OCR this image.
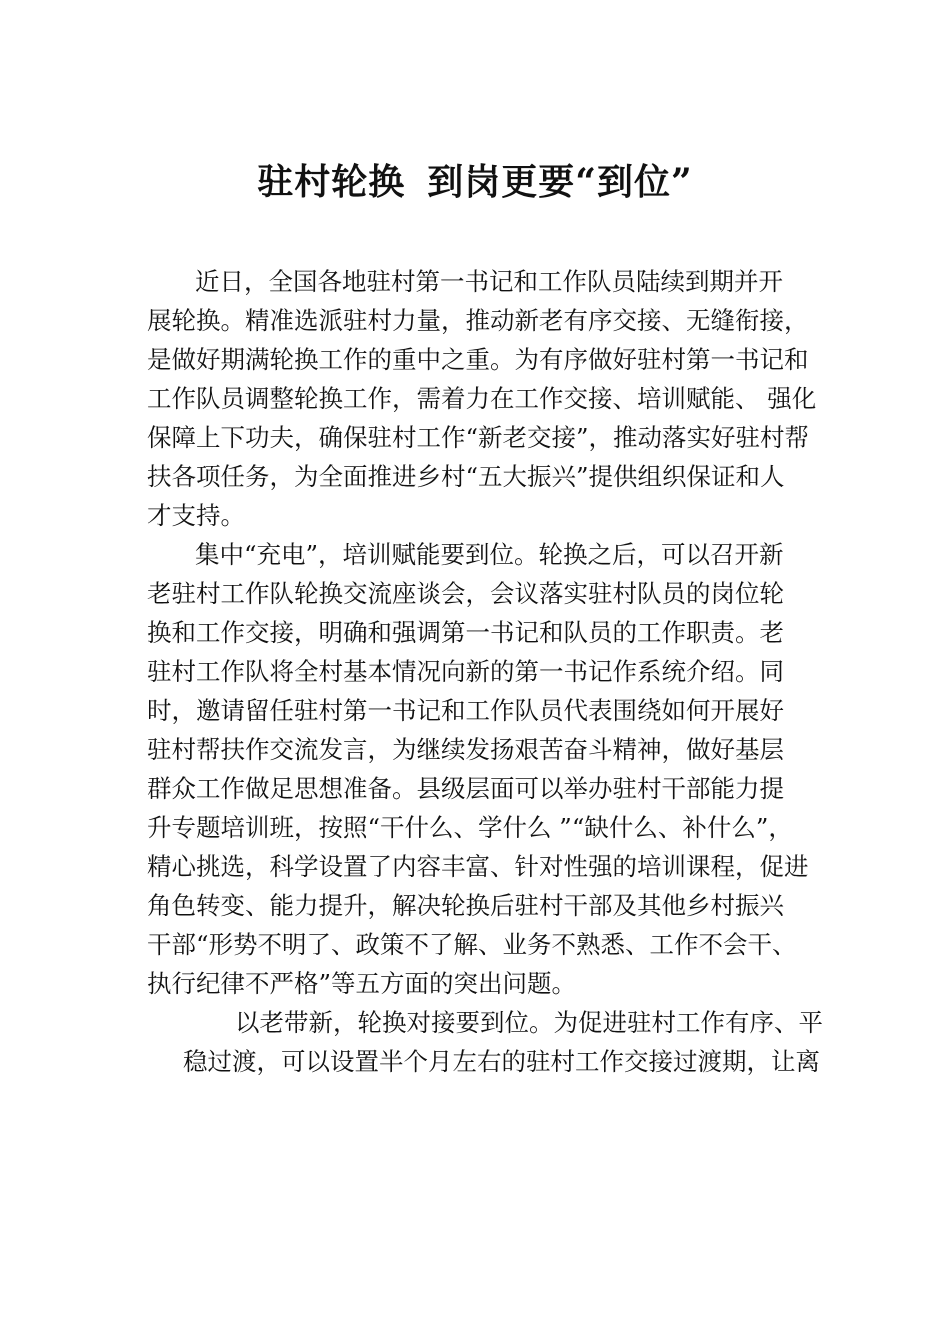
驻村轮换 到岗更要“到位”
近日，全国各地驻村第一书记和工作队员陆续到期并开
展轮换。精准选派驻村力量，推动新老有序交接、无缝衔接，
是做好期满轮换工作的重中之重。为有序做好驻村第一书记和
工作队员调整轮换工作，需着力在工作交接、培训赋能、 强化
保障上下功夫，确保驻村工作“新老交接”，推动落实好驻村帮
扶各项任务，为全面推进乡村“五大振兴”提供组织保证和人
才支持。
集中“充电”，培训赋能要到位。轮换之后，可以召开新
老驻村工作队轮换交流座谈会，会议落实驻村队员的岗位轮
换和工作交接，明确和强调第一书记和队员的工作职责。老
驻村工作队将全村基本情况向新的第一书记作系统介绍。同
时，邀请留任驻村第一书记和工作队员代表围绕如何开展好
驻村帮扶作交流发言，为继续发扬艰苦奋斗精神，做好基层
群众工作做足思想准备。县级层面可以举办驻村干部能力提
升专题培训班，按照“干什么、学什么 ”“缺什么、补什么”，
精心挑选，科学设置了内容丰富、针对性强的培训课程，促进
角色转变、能力提升，解决轮换后驻村干部及其他乡村振兴
干部“形势不明了、政策不了解、业务不熟悉、工作不会干、
执行纪律不严格”等五方面的突出问题。
以老带新，轮换对接要到位。为促进驻村工作有序、平
稳过渡，可以设置半个月左右的驻村工作交接过渡期，让离
